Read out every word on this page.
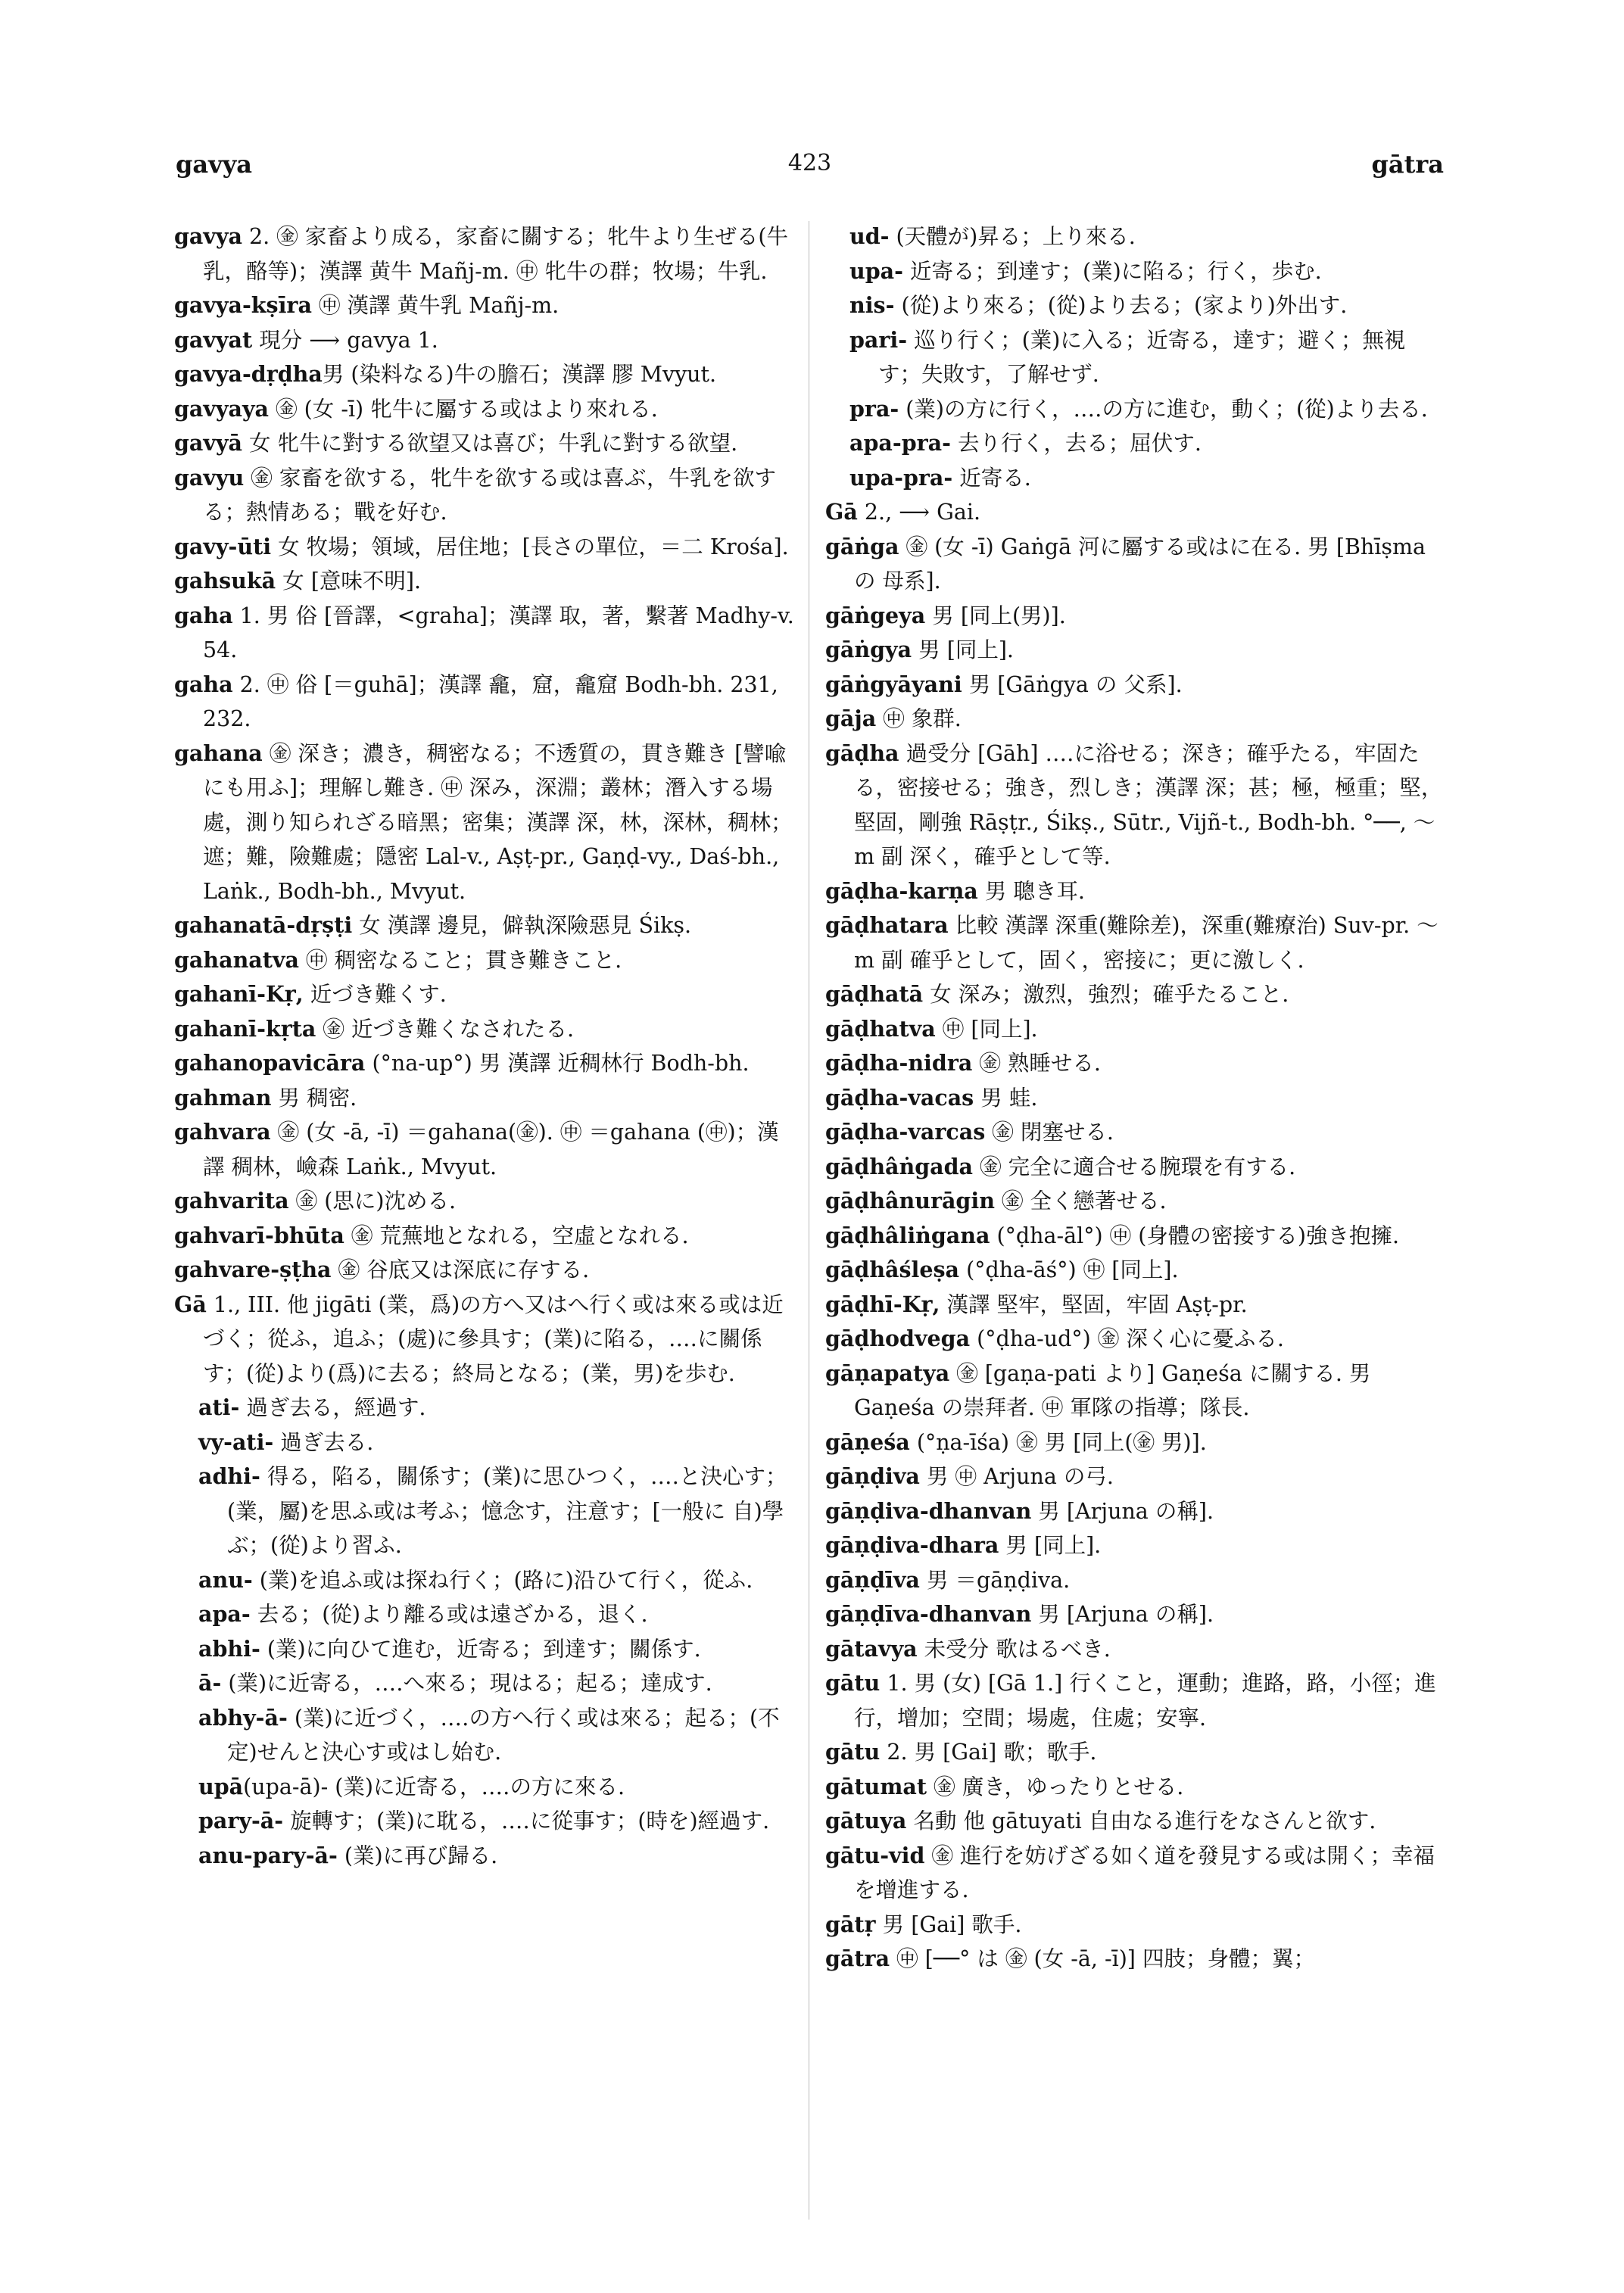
gavya	423	gātra

gavya 2. ㊎ 家畜より成る，家畜に關する；牝牛より生ぜる(牛乳，酪等)；漢譯 黄牛 Mañj-m. ㊥ 牝牛の群；牧場；牛乳.

gavya-kṣīra ㊥ 漢譯 黄牛乳 Mañj-m.

gavyat 現分 ⟶ gavya 1.

gavya-dṛḍha男 (染料なる)牛の膽石；漢譯 膠 Mvyut.

gavyaya ㊎ (女 -ī) 牝牛に屬する或はより來れる.

gavyā 女 牝牛に對する欲望又は喜び；牛乳に對する欲望.

gavyu ㊎ 家畜を欲する，牝牛を欲する或は喜ぶ，牛乳を欲する；熱情ある；戰を好む.

gavy-ūti 女 牧場；領域，居住地；[長さの單位，＝二 Krośa].

gahsukā 女 [意味不明].

gaha 1. 男 俗 [晉譯，<graha]；漢譯 取，著，繫著 Madhy-v. 54.

gaha 2. ㊥ 俗 [＝guhā]；漢譯 龕，窟，龕窟 Bodh-bh. 231, 232.

gahana ㊎ 深き；濃き，稠密なる；不透質の，貫き難き [譬喩にも用ふ]；理解し難き. ㊥ 深み，深淵；叢林；潛入する場處，測り知られざる暗黑；密集；漢譯 深，林，深林，稠林；遮；難，險難處；隱密 Lal-v., Aṣṭ-pr., Gaṇḍ-vy., Daś-bh., Laṅk., Bodh-bh., Mvyut.

gahanatā-dṛṣṭi 女 漢譯 邊見，僻執深險惡見 Śikṣ.

gahanatva ㊥ 稠密なること；貫き難きこと.

gahanī-Kṛ, 近づき難くす.

gahanī-kṛta ㊎ 近づき難くなされたる.

gahanopavicāra (°na-up°) 男 漢譯 近稠林行 Bodh-bh.

gahman 男 稠密.

gahvara ㊎ (女 -ā, -ī) ＝gahana(㊎). ㊥ ＝gahana (㊥)；漢譯 稠林，嶮森 Laṅk., Mvyut.

gahvarita ㊎ (思に)沈める.

gahvarī-bhūta ㊎ 荒蕪地となれる，空虛となれる.

gahvare-ṣṭha ㊎ 谷底又は深底に存する.

Gā 1., III. 他 jigāti (業，爲)の方へ又はへ行く或は來る或は近づく；從ふ，追ふ；(處)に參具す；(業)に陷る，‥‥に關係す；(從)より(爲)に去る；終局となる；(業，男)を歩む.

ati- 過ぎ去る，經過す.

vy-ati- 過ぎ去る.

adhi- 得る，陷る，關係す；(業)に思ひつく，‥‥と決心す；(業，屬)を思ふ或は考ふ；憶念す，注意す；[一般に 自)學ぶ；(從)より習ふ.

anu- (業)を追ふ或は探ね行く；(路に)沿ひて行く，從ふ.

apa- 去る；(從)より離る或は遠ざかる，退く.

abhi- (業)に向ひて進む，近寄る；到達す；關係す.

ā- (業)に近寄る，‥‥へ來る；現はる；起る；達成す.

abhy-ā- (業)に近づく，‥‥の方へ行く或は來る；起る；(不定)せんと決心す或はし始む.

upā(upa-ā)- (業)に近寄る，‥‥の方に來る.

pary-ā- 旋轉す；(業)に耽る，‥‥に從事す；(時を)經過す.

anu-pary-ā- (業)に再び歸る.

ud- (天體が)昇る；上り來る.

upa- 近寄る；到達す；(業)に陷る；行く，歩む.

nis- (從)より來る；(從)より去る；(家より)外出す.

pari- 巡り行く；(業)に入る；近寄る，達す；避く；無視す；失敗す，了解せず.

pra- (業)の方に行く，‥‥の方に進む，動く；(從)より去る.

apa-pra- 去り行く，去る；屈伏す.

upa-pra- 近寄る.

Gā 2., ⟶ Gai.

gāṅga ㊎ (女 -ī) Gaṅgā 河に屬する或はに在る. 男 [Bhīṣma の 母系].

gāṅgeya 男 [同上(男)].

gāṅgya 男 [同上].

gāṅgyāyani 男 [Gāṅgya の 父系].

gāja ㊥ 象群.

gāḍha 過受分 [Gāh] ‥‥に浴せる；深き；確乎たる，牢固たる，密接せる；強き，烈しき；漢譯 深；甚；極，極重；堅，堅固，剛強 Rāṣṭr., Śikṣ., Sūtr., Vijñ-t., Bodh-bh. °──, ～m 副 深く，確乎として等.

gāḍha-karṇa 男 聰き耳.

gāḍhatara 比較 漢譯 深重(難除差)，深重(難療治) Suv-pr. ～m 副 確乎として，固く，密接に；更に激しく.

gāḍhatā 女 深み；激烈，強烈；確乎たること.

gāḍhatva ㊥ [同上].

gāḍha-nidra ㊎ 熟睡せる.

gāḍha-vacas 男 蛙.

gāḍha-varcas ㊎ 閉塞せる.

gāḍhâṅgada ㊎ 完全に適合せる腕環を有する.

gāḍhânurāgin ㊎ 全く戀著せる.

gāḍhâliṅgana (°ḍha-āl°) ㊥ (身體の密接する)強き抱擁.

gāḍhâśleṣa (°ḍha-āś°) ㊥ [同上].

gāḍhī-Kṛ, 漢譯 堅牢，堅固，牢固 Aṣṭ-pr.

gāḍhodvega (°ḍha-ud°) ㊎ 深く心に憂ふる.

gāṇapatya ㊎ [gaṇa-pati より] Gaṇeśa に關する. 男 Gaṇeśa の崇拜者. ㊥ 軍隊の指導；隊長.

gāṇeśa (°ṇa-īśa) ㊎ 男 [同上(㊎ 男)].

gāṇḍiva 男 ㊥ Arjuna の弓.

gāṇḍiva-dhanvan 男 [Arjuna の稱].

gāṇḍiva-dhara 男 [同上].

gāṇḍīva 男 ＝gāṇḍiva.

gāṇḍīva-dhanvan 男 [Arjuna の稱].

gātavya 未受分 歌はるべき.

gātu 1. 男 (女) [Gā 1.] 行くこと，運動；進路，路，小徑；進行，增加；空間；場處，住處；安寧.

gātu 2. 男 [Gai] 歌；歌手.

gātumat ㊎ 廣き，ゆったりとせる.

gātuya 名動 他 gātuyati 自由なる進行をなさんと欲す.

gātu-vid ㊎ 進行を妨げざる如く道を發見する或は開く；幸福を增進する.

gātṛ 男 [Gai] 歌手.

gātra ㊥ [──° は ㊎ (女 -ā, -ī)] 四肢；身體；翼；
